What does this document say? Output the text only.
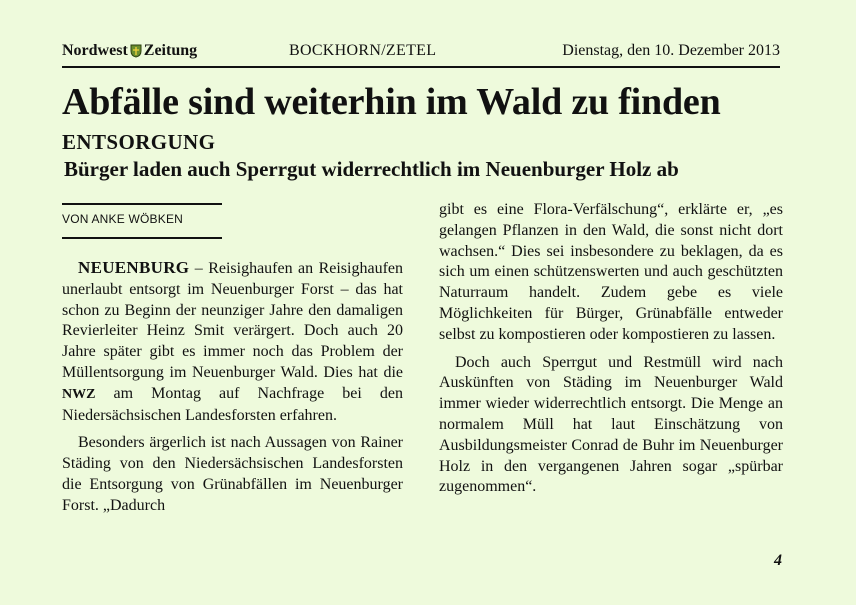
Nordwest Zeitung	BOCKHORN/ZETEL	Dienstag, den 10. Dezember 2013
Abfälle sind weiterhin im Wald zu finden
ENTSORGUNG
Bürger laden auch Sperrgut widerrechtlich im Neuenburger Holz ab
VON ANKE WÖBKEN

NEUENBURG – Reisighaufen an Reisighaufen unerlaubt entsorgt im Neuenburger Forst – das hat schon zu Beginn der neunziger Jahre den damaligen Revierleiter Heinz Smit verärgert. Doch auch 20 Jahre später gibt es immer noch das Problem der Müllentsorgung im Neuenburger Wald. Dies hat die NWZ am Montag auf Nachfrage bei den Niedersächsischen Landesforsten erfahren.

Besonders ärgerlich ist nach Aussagen von Rainer Städing von den Niedersächsischen Landesforsten die Entsorgung von Grünabfällen im Neuenburger Forst. „Dadurch

gibt es eine Flora-Verfälschung“, erklärte er, „es gelangen Pflanzen in den Wald, die sonst nicht dort wachsen.“ Dies sei insbesondere zu beklagen, da es sich um einen schützenswerten und auch geschützten Naturraum handelt. Zudem gebe es viele Möglichkeiten für Bürger, Grünabfälle entweder selbst zu kompostieren oder kompostieren zu lassen.

Doch auch Sperrgut und Restmüll wird nach Auskünften von Städing im Neuenburger Wald immer wieder widerrechtlich entsorgt. Die Menge an normalem Müll hat laut Einschätzung von Ausbildungsmeister Conrad de Buhr im Neuenburger Holz in den vergangenen Jahren sogar „spürbar zugenommen“.

4
